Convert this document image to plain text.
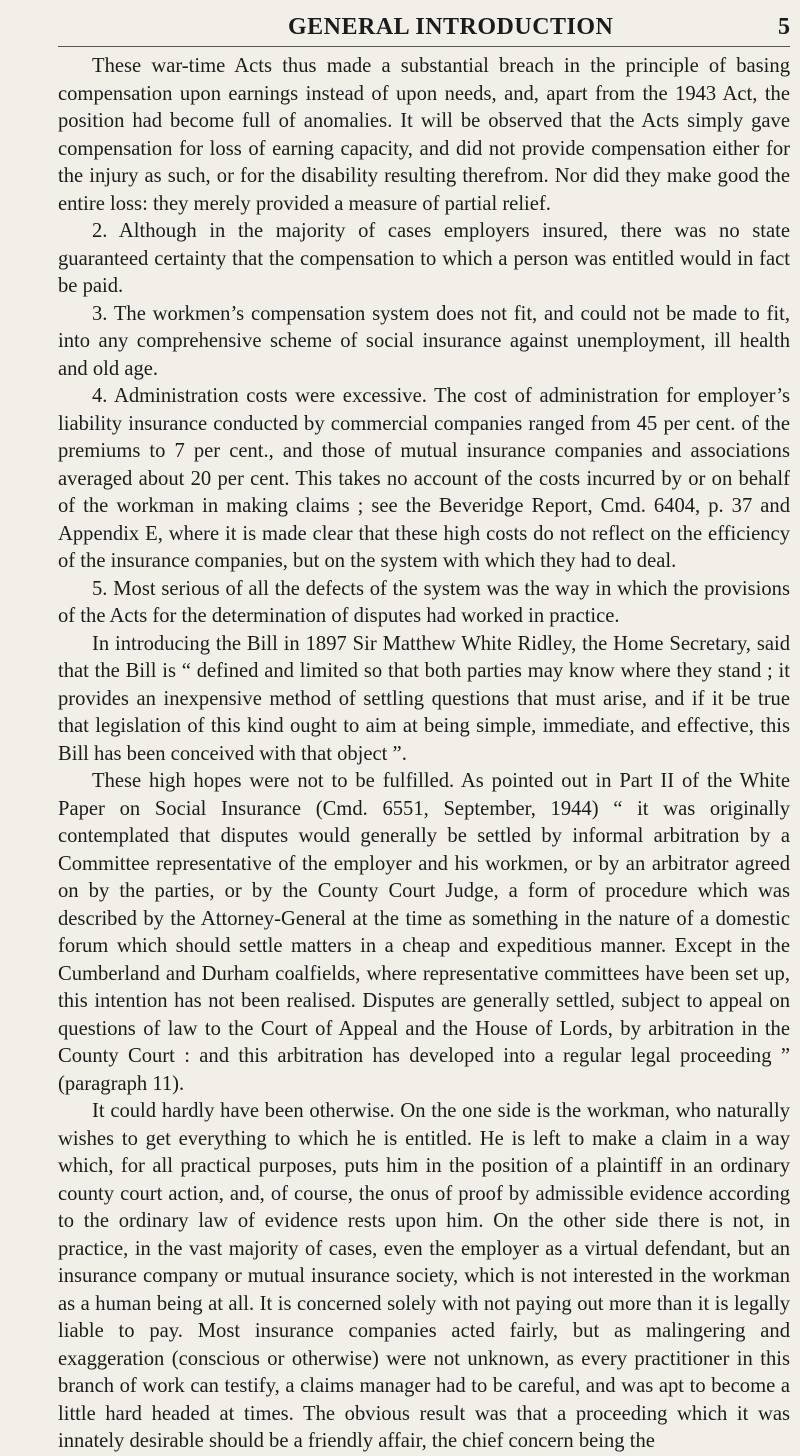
GENERAL INTRODUCTION	5

These war-time Acts thus made a substantial breach in the principle of basing compensation upon earnings instead of upon needs, and, apart from the 1943 Act, the position had become full of anomalies. It will be observed that the Acts simply gave compensation for loss of earning capacity, and did not provide compensation either for the injury as such, or for the disability resulting therefrom. Nor did they make good the entire loss: they merely provided a measure of partial relief.

2. Although in the majority of cases employers insured, there was no state guaranteed certainty that the compensation to which a person was entitled would in fact be paid.

3. The workmen’s compensation system does not fit, and could not be made to fit, into any comprehensive scheme of social insurance against unemployment, ill health and old age.

4. Administration costs were excessive. The cost of administration for employer’s liability insurance conducted by commercial companies ranged from 45 per cent. of the premiums to 7 per cent., and those of mutual insurance companies and associations averaged about 20 per cent. This takes no account of the costs incurred by or on behalf of the workman in making claims ; see the Beveridge Report, Cmd. 6404, p. 37 and Appendix E, where it is made clear that these high costs do not reflect on the efficiency of the insurance companies, but on the system with which they had to deal.

5. Most serious of all the defects of the system was the way in which the provisions of the Acts for the determination of disputes had worked in practice.

In introducing the Bill in 1897 Sir Matthew White Ridley, the Home Secretary, said that the Bill is “ defined and limited so that both parties may know where they stand ; it provides an inexpensive method of settling questions that must arise, and if it be true that legislation of this kind ought to aim at being simple, immediate, and effective, this Bill has been conceived with that object ”.

These high hopes were not to be fulfilled. As pointed out in Part II of the White Paper on Social Insurance (Cmd. 6551, September, 1944) “ it was originally contemplated that disputes would generally be settled by informal arbitration by a Committee representative of the employer and his workmen, or by an arbitrator agreed on by the parties, or by the County Court Judge, a form of procedure which was described by the Attorney-General at the time as something in the nature of a domestic forum which should settle matters in a cheap and expeditious manner. Except in the Cumberland and Durham coalfields, where representative committees have been set up, this intention has not been realised. Disputes are generally settled, subject to appeal on questions of law to the Court of Appeal and the House of Lords, by arbitration in the County Court : and this arbitration has developed into a regular legal proceeding ” (paragraph 11).

It could hardly have been otherwise. On the one side is the workman, who naturally wishes to get everything to which he is entitled. He is left to make a claim in a way which, for all practical purposes, puts him in the position of a plaintiff in an ordinary county court action, and, of course, the onus of proof by admissible evidence according to the ordinary law of evidence rests upon him. On the other side there is not, in practice, in the vast majority of cases, even the employer as a virtual defendant, but an insurance company or mutual insurance society, which is not interested in the workman as a human being at all. It is concerned solely with not paying out more than it is legally liable to pay. Most insurance companies acted fairly, but as malingering and exaggeration (conscious or otherwise) were not unknown, as every practitioner in this branch of work can testify, a claims manager had to be careful, and was apt to become a little hard headed at times. The obvious result was that a proceeding which it was innately desirable should be a friendly affair, the chief concern being the
